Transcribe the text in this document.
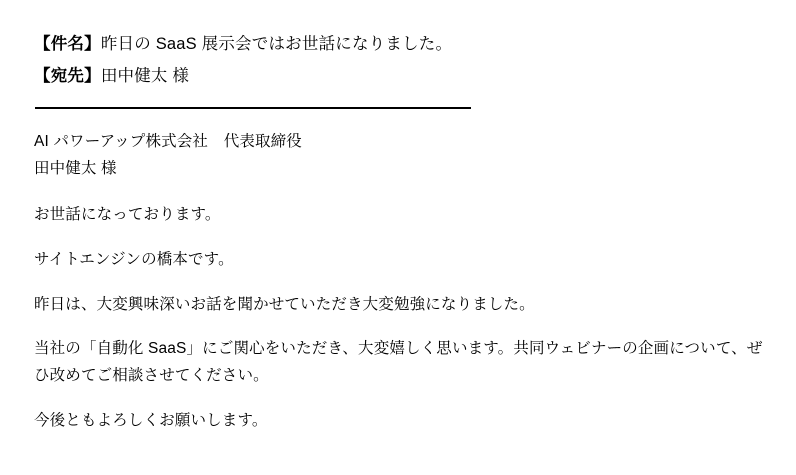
【件名】昨日の SaaS 展示会ではお世話になりました。

【宛先】田中健太 様

AI パワーアップ株式会社　代表取締役

田中健太 様

お世話になっております。

サイトエンジンの橋本です。

昨日は、大変興味深いお話を聞かせていただき大変勉強になりました。

当社の「自動化 SaaS」にご関心をいただき、大変嬉しく思います。共同ウェビナーの企画について、ぜひ改めてご相談させてください。

今後ともよろしくお願いします。
